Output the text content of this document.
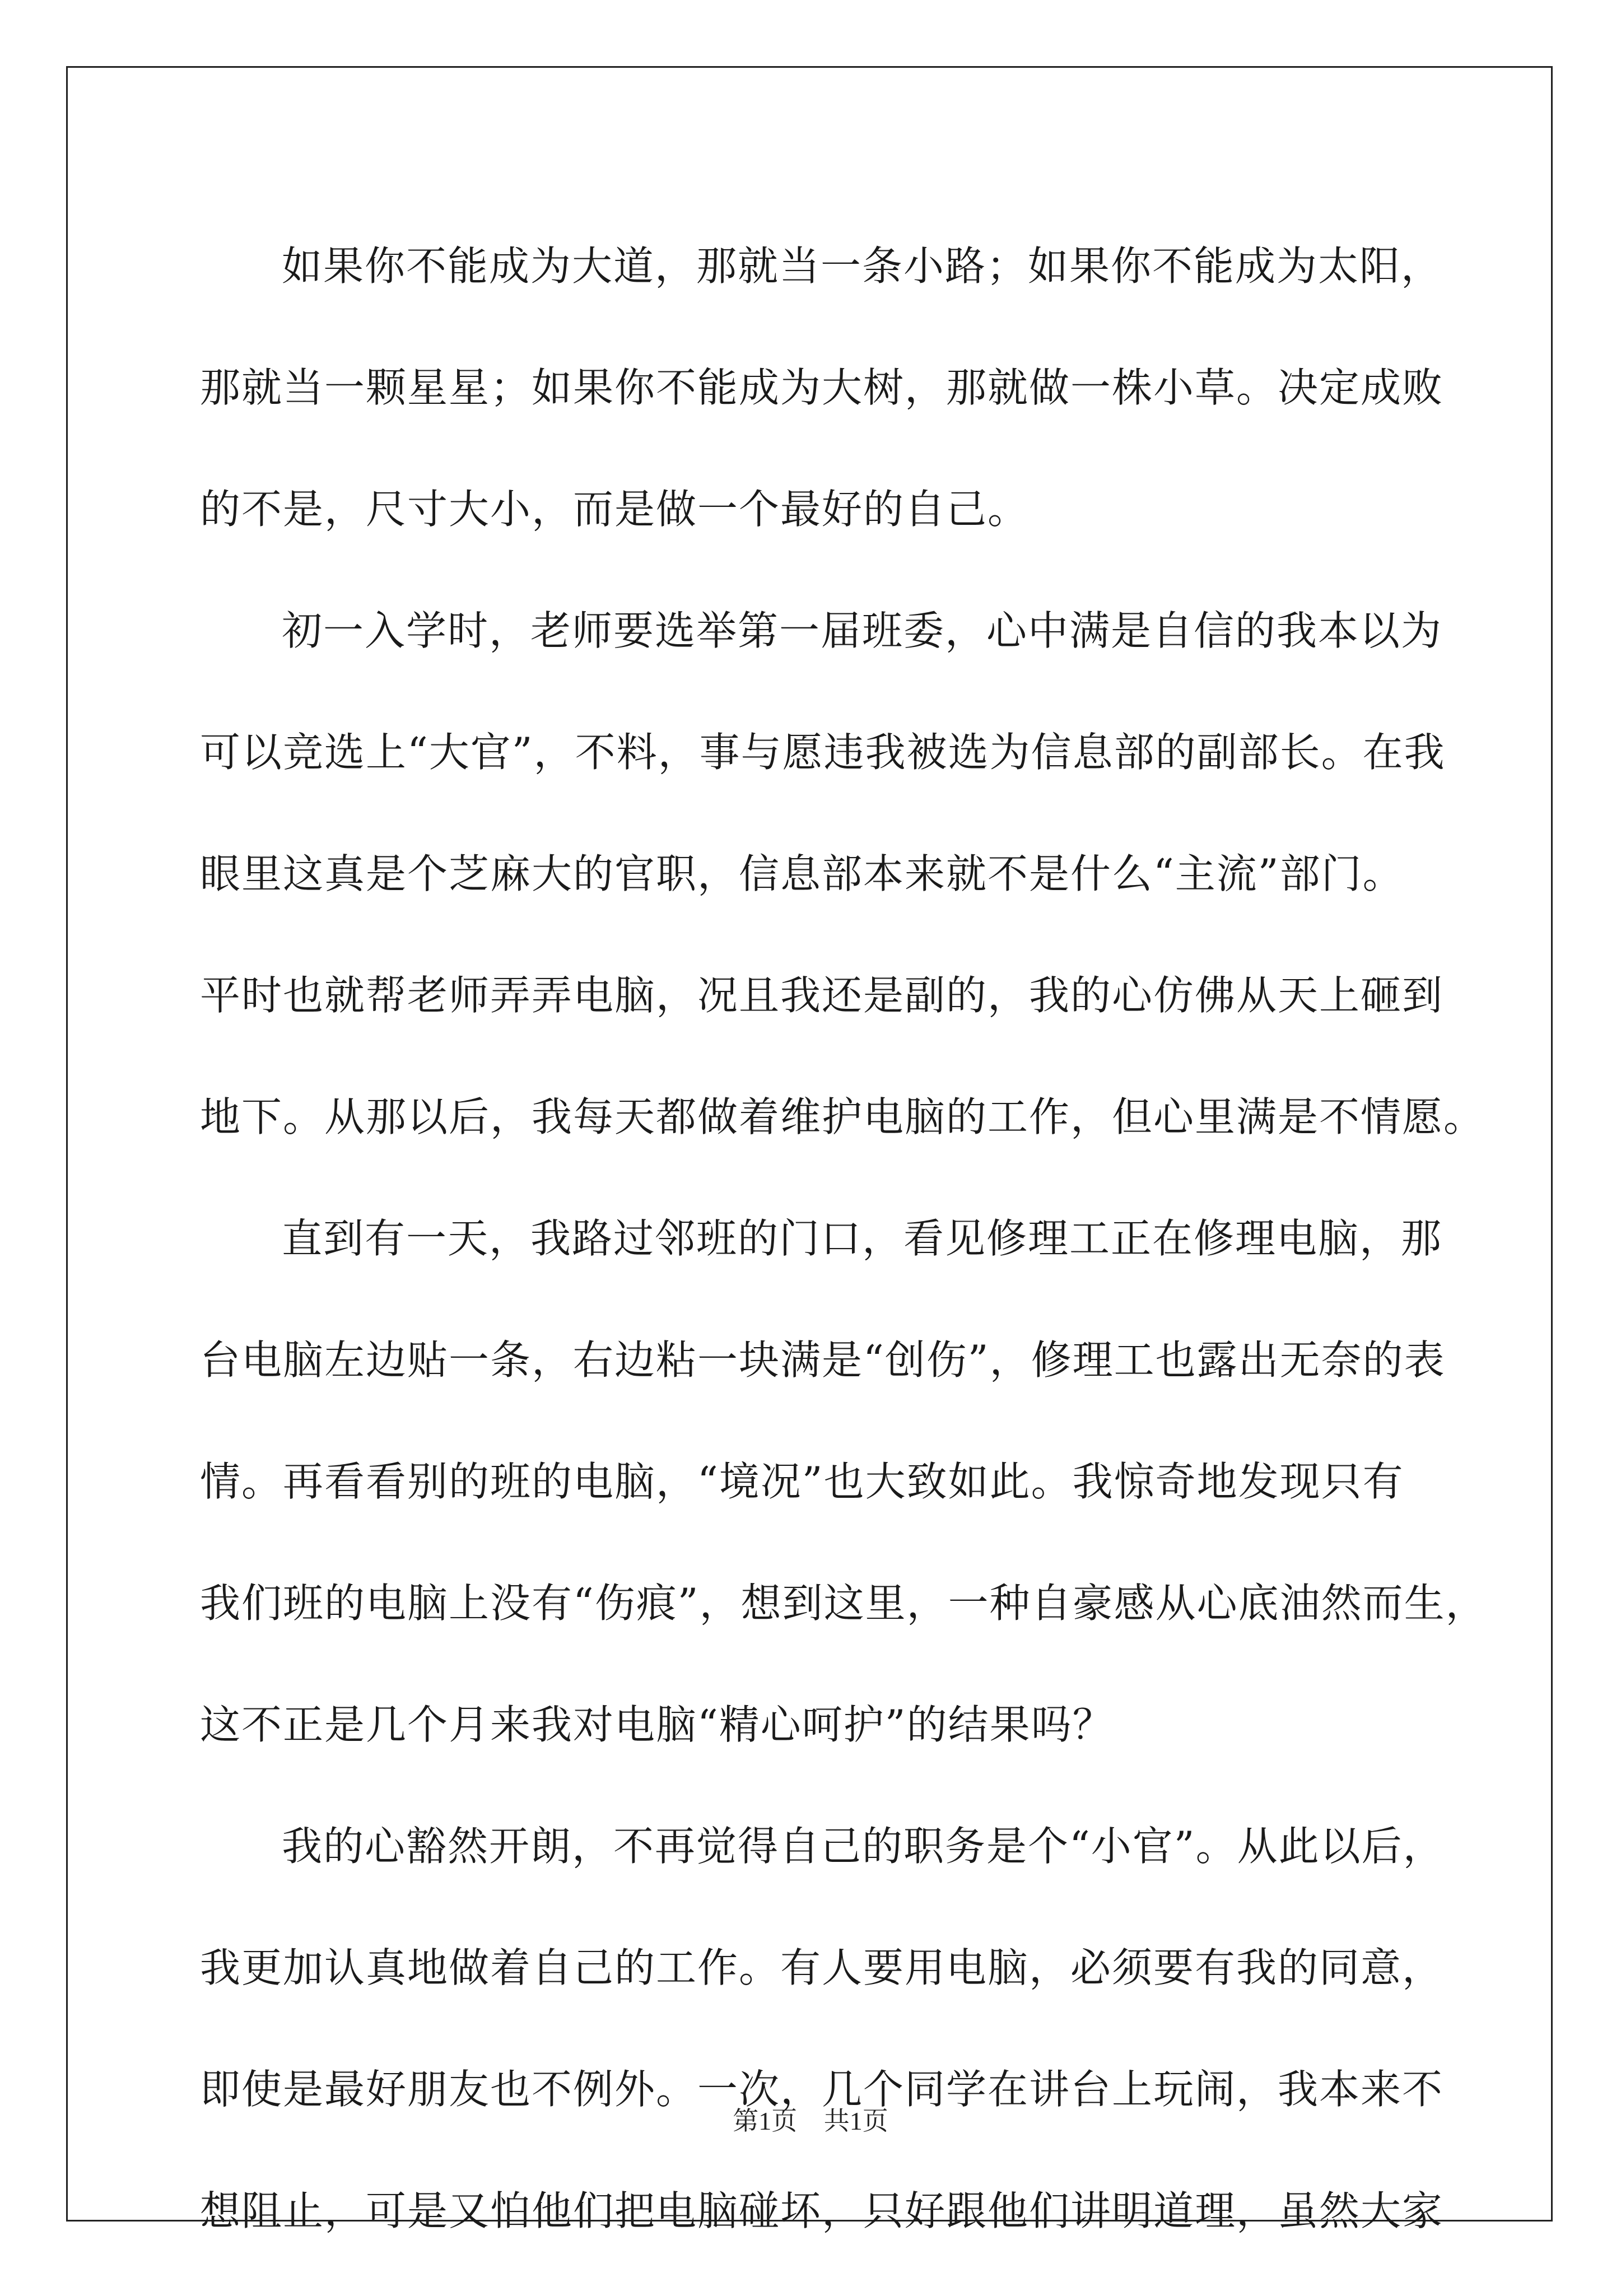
如果你不能成为大道，那就当一条小路；如果你不能成为太阳，
那就当一颗星星；如果你不能成为大树，那就做一株小草。决定成败
的不是，尺寸大小，而是做一个最好的自己。
初一入学时，老师要选举第一届班委，心中满是自信的我本以为
可以竞选上“大官”，不料，事与愿违我被选为信息部的副部长。在我
眼里这真是个芝麻大的官职，信息部本来就不是什么“主流”部门。
平时也就帮老师弄弄电脑，况且我还是副的，我的心仿佛从天上砸到
地下。从那以后，我每天都做着维护电脑的工作，但心里满是不情愿。
直到有一天，我路过邻班的门口，看见修理工正在修理电脑，那
台电脑左边贴一条，右边粘一块满是“创伤”，修理工也露出无奈的表
情。再看看别的班的电脑，“境况”也大致如此。我惊奇地发现只有
我们班的电脑上没有“伤痕”，想到这里，一种自豪感从心底油然而生，
这不正是几个月来我对电脑“精心呵护”的结果吗？
我的心豁然开朗，不再觉得自己的职务是个“小官”。从此以后，
我更加认真地做着自己的工作。有人要用电脑，必须要有我的同意，
即使是最好朋友也不例外。一次，几个同学在讲台上玩闹，我本来不
想阻止，可是又怕他们把电脑碰坏，只好跟他们讲明道理，虽然大家
第1页 共1页
